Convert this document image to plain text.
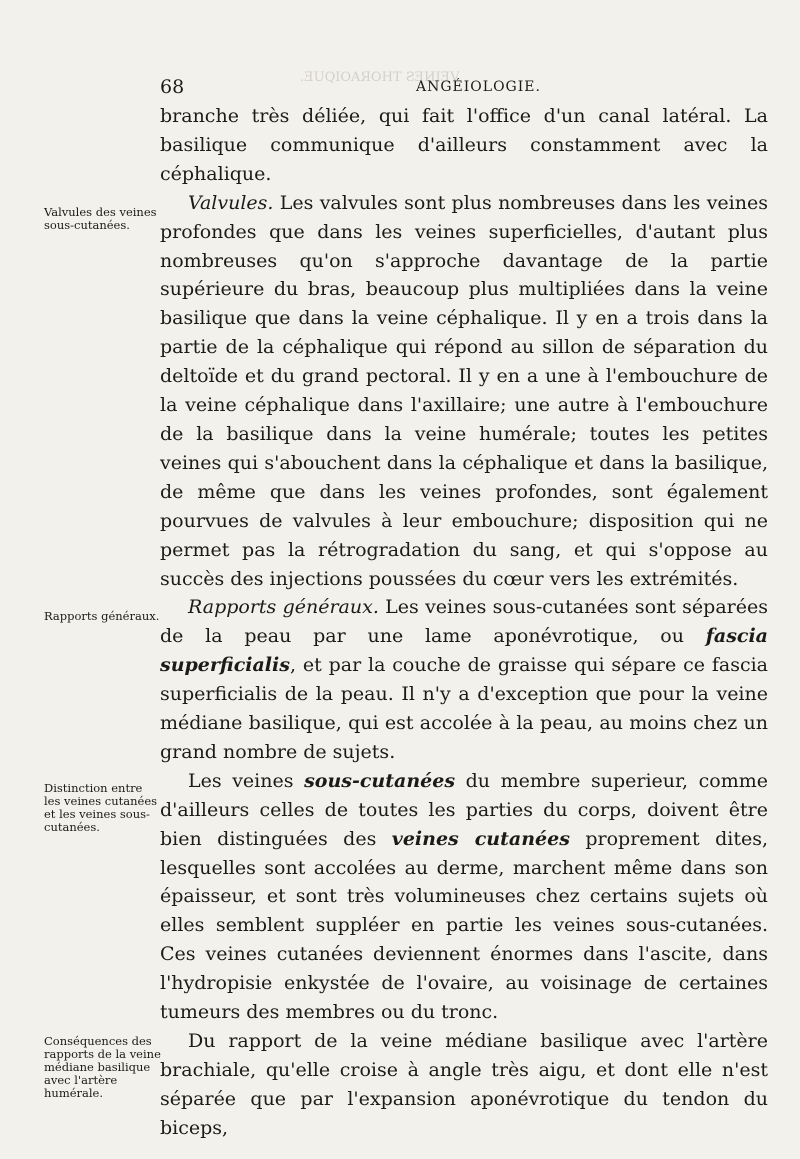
.ƎUQIOAЯOHT ƧƎИIƎV
68	ANGÉIOLOGIE.
Valvules des veines sous-cutanées.
Rapports généraux.
Distinction entre les veines cutanées et les veines sous-cutanées.
Conséquences des rapports de la veine médiane basilique avec l'artère humérale.

branche très déliée, qui fait l'office d'un canal latéral. La basilique communique d'ailleurs constamment avec la céphalique.

Valvules. Les valvules sont plus nombreuses dans les veines profondes que dans les veines superficielles, d'autant plus nombreuses qu'on s'approche davantage de la partie supérieure du bras, beaucoup plus multipliées dans la veine basilique que dans la veine céphalique. Il y en a trois dans la partie de la céphalique qui répond au sillon de séparation du deltoïde et du grand pectoral. Il y en a une à l'embouchure de la veine céphalique dans l'axillaire; une autre à l'embouchure de la basilique dans la veine humérale; toutes les petites veines qui s'abouchent dans la céphalique et dans la basilique, de même que dans les veines profondes, sont également pourvues de valvules à leur embouchure; disposition qui ne permet pas la rétrogradation du sang, et qui s'oppose au succès des injections poussées du cœur vers les extrémités.

Rapports généraux. Les veines sous-cutanées sont séparées de la peau par une lame aponévrotique, ou fascia superficialis, et par la couche de graisse qui sépare ce fascia superficialis de la peau. Il n'y a d'exception que pour la veine médiane basilique, qui est accolée à la peau, au moins chez un grand nombre de sujets.

Les veines sous-cutanées du membre superieur, comme d'ailleurs celles de toutes les parties du corps, doivent être bien distinguées des veines cutanées proprement dites, lesquelles sont accolées au derme, marchent même dans son épaisseur, et sont très volumineuses chez certains sujets où elles semblent suppléer en partie les veines sous-cutanées. Ces veines cutanées deviennent énormes dans l'ascite, dans l'hydropisie enkystée de l'ovaire, au voisinage de certaines tumeurs des membres ou du tronc.

Du rapport de la veine médiane basilique avec l'artère brachiale, qu'elle croise à angle très aigu, et dont elle n'est séparée que par l'expansion aponévrotique du tendon du biceps,
